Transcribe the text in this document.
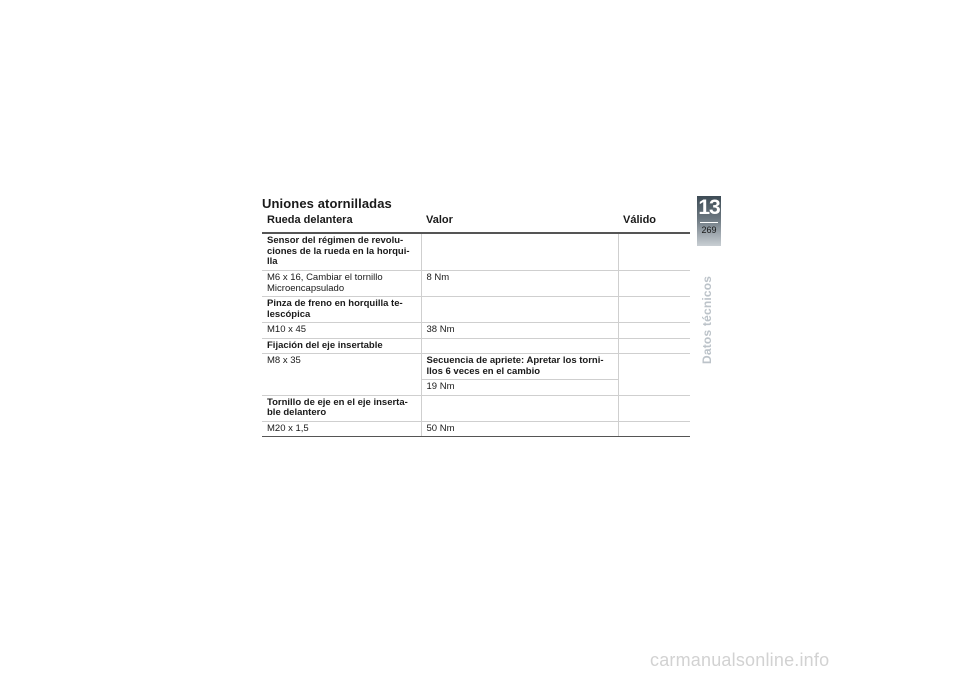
Uniones atornilladas
Rueda delantera	Valor	Válido
Sensor del régimen de revolu-
ciones de la rueda en la horqui-
lla		
M6 x 16, Cambiar el tornillo
Microencapsulado	8 Nm	
Pinza de freno en horquilla te-
lescópica		
M10 x 45	38 Nm	
Fijación del eje insertable		
M8 x 35	Secuencia de apriete: Apretar los torni-
llos 6 veces en el cambio	
	19 Nm	
Tornillo de eje en el eje inserta-
ble delantero		
M20 x 1,5	50 Nm	
13
269
Datos técnicos
carmanualsonline.info
